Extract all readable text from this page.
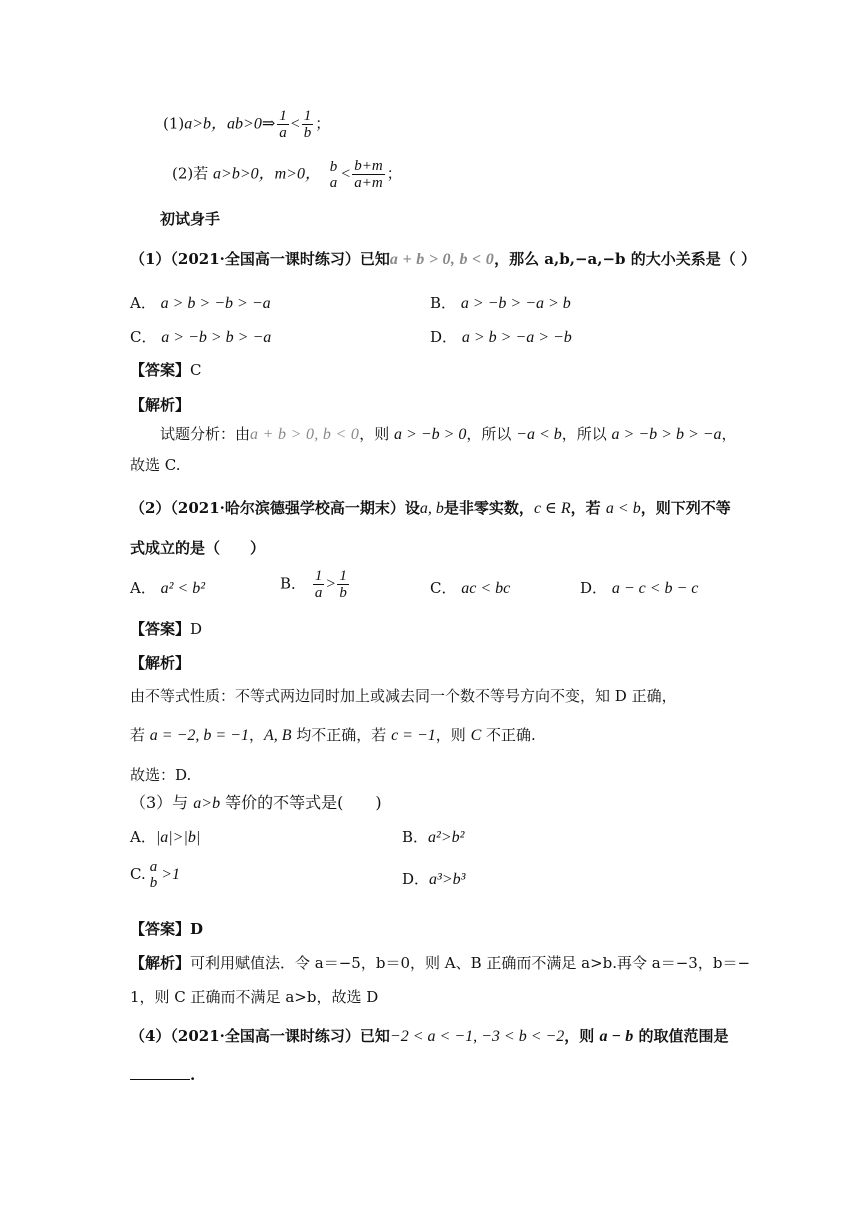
(1)a>b，ab>0⇒ $\frac{1}{a} < \frac{1}{b}$ ；
(2)若 a>b>0，m>0， b
$a < \frac{b+m}{a+m}$ ；
初试身手
（1）（2021·全国高一课时练习）已知a + b > 0, b < 0，那么 a,b,−a,−b 的大小关系是（ ）
A． a > b > −b > −a	B． a > −b > −a > b
C． a > −b > b > −a	D． a > b > −a > −b
【答案】C
【解析】
试题分析：由a + b > 0, b < 0，则 a > −b > 0，所以 −a < b，所以 a > −b > b > −a，
故选 C.
（2）（2021·哈尔滨德强学校高一期末）设a, b是非零实数，c ∈ R，若 a < b，则下列不等
式成立的是（　　）
A． a² < b²	B． $\frac{1}{a} > \frac{1}{b}$	C． ac < bc	D． a − c < b − c
【答案】D
【解析】
由不等式性质：不等式两边同时加上或减去同一个数不等号方向不变，知 D 正确，
若 a = −2, b = −1，A, B 均不正确，若 c = −1，则 C 不正确.
故选：D.
（3）与 a>b 等价的不等式是(　　)
A．|a|>|b|	B．a²>b²
C. a
b >1	D．a³>b³
【答案】D
【解析】可利用赋值法．令 a＝−5，b＝0，则 A、B 正确而不满足 a>b.再令 a＝−3，b＝−
1，则 C 正确而不满足 a>b，故选 D
（4）（2021·全国高一课时练习）已知−2 < a < −1, −3 < b < −2，则 a − b 的取值范围是
.
